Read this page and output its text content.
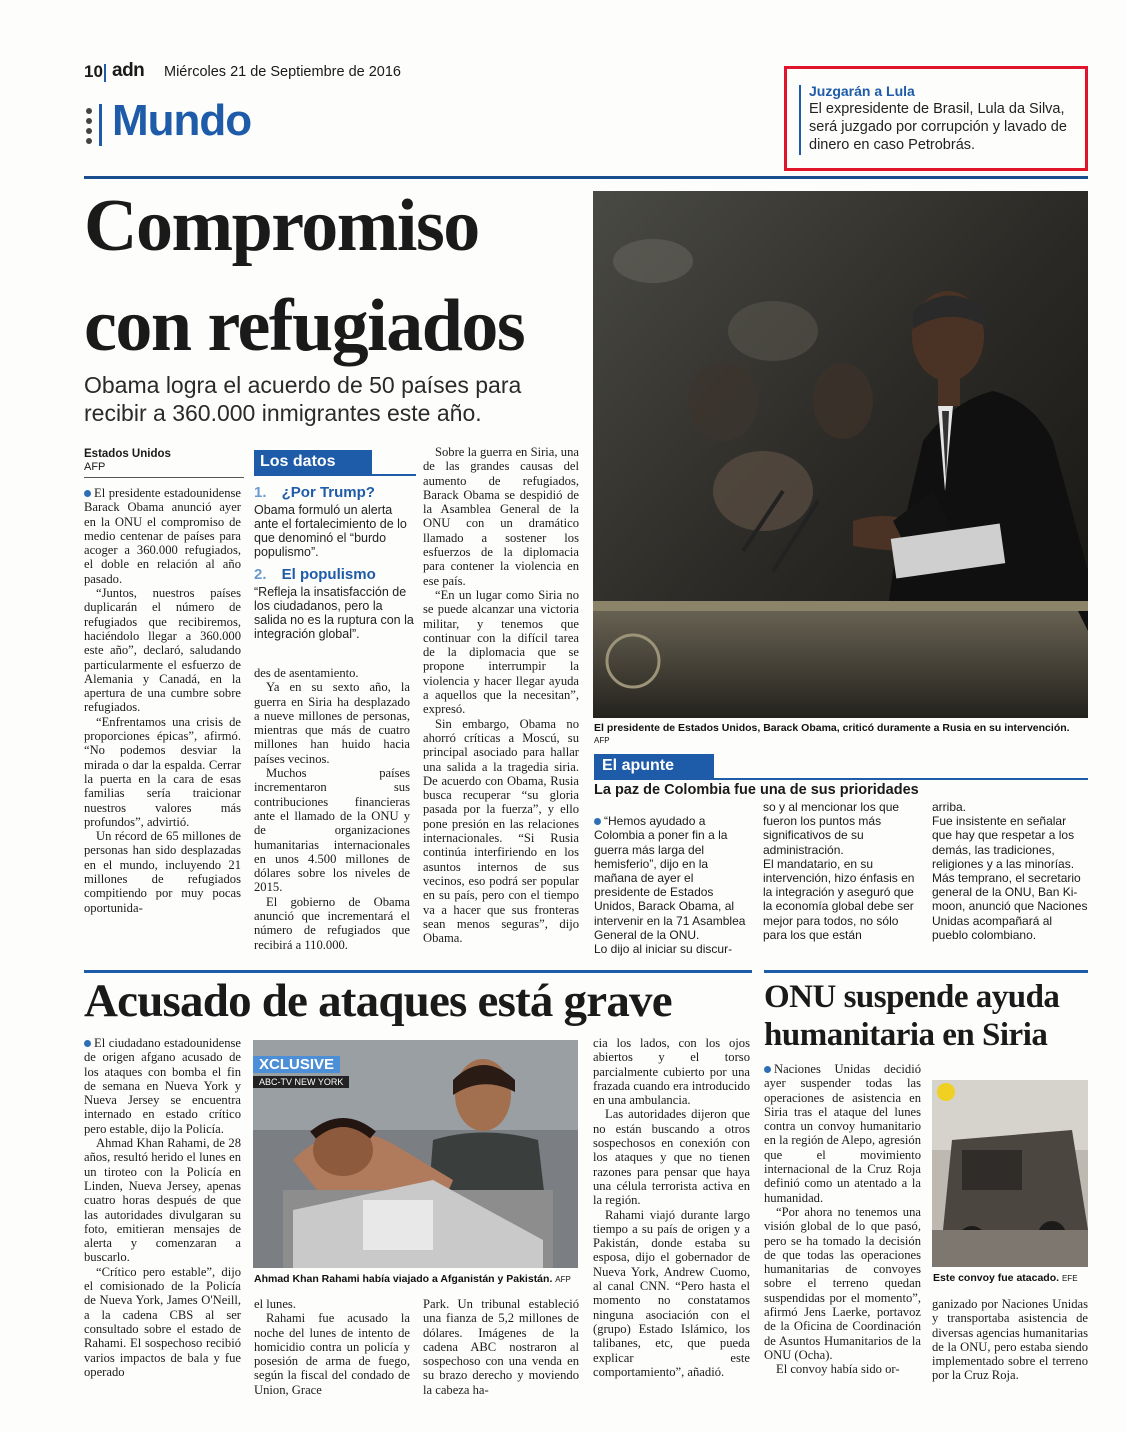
10 adn Miércoles 21 de Septiembre de 2016
Mundo
Juzgarán a Lula
El expresidente de Brasil, Lula da Silva, será juzgado por corrupción y lavado de dinero en caso Petrobrás.
Compromiso
con refugiados
Obama logra el acuerdo de 50 países para recibir a 360.000 inmigrantes este año.
Estados Unidos
AFP

El presidente estadounidense Barack Obama anunció ayer en la ONU el compromiso de medio centenar de países para acoger a 360.000 refugiados, el doble en relación al año pasado.

“Juntos, nuestros países duplicarán el número de refugiados que recibiremos, haciéndolo llegar a 360.000 este año”, declaró, saludando particularmente el esfuerzo de Alemania y Canadá, en la apertura de una cumbre sobre refugiados.

“Enfrentamos una crisis de proporciones épicas”, afirmó. “No podemos desviar la mirada o dar la espalda. Cerrar la puerta en la cara de esas familias sería traicionar nuestros valores más profundos”, advirtió.

Un récord de 65 millones de personas han sido desplazadas en el mundo, incluyendo 21 millones de refugiados compitiendo por muy pocas oportunida-

Los datos
1. ¿Por Trump?
Obama formuló un alerta ante el fortalecimiento de lo que denominó el “burdo populismo”.
2. El populismo
“Refleja la insatisfacción de los ciudadanos, pero la salida no es la ruptura con la integración global”.

des de asentamiento.

Ya en su sexto año, la guerra en Siria ha desplazado a nueve millones de personas, mientras que más de cuatro millones han huido hacia países vecinos.

Muchos países incrementaron sus contribuciones financieras ante el llamado de la ONU y de organizaciones humanitarias internacionales en unos 4.500 millones de dólares sobre los niveles de 2015.

El gobierno de Obama anunció que incrementará el número de refugiados que recibirá a 110.000.

Sobre la guerra en Siria, una de las grandes causas del aumento de refugiados, Barack Obama se despidió de la Asamblea General de la ONU con un dramático llamado a sostener los esfuerzos de la diplomacia para contener la violencia en ese país.

“En un lugar como Siria no se puede alcanzar una victoria militar, y tenemos que continuar con la difícil tarea de la diplomacia que se propone interrumpir la violencia y hacer llegar ayuda a aquellos que la necesitan”, expresó.

Sin embargo, Obama no ahorró críticas a Moscú, su principal asociado para hallar una salida a la tragedia siria. De acuerdo con Obama, Rusia busca recuperar “su gloria pasada por la fuerza”, y ello pone presión en las relaciones internacionales. “Si Rusia continúa interfiriendo en los asuntos internos de sus vecinos, eso podrá ser popular en su país, pero con el tiempo va a hacer que sus fronteras sean menos seguras”, dijo Obama.

El presidente de Estados Unidos, Barack Obama, criticó duramente a Rusia en su intervención. AFP
El apunte
La paz de Colombia fue una de sus prioridades

“Hemos ayudado a Colombia a poner fin a la guerra más larga del hemisferio”, dijo en la mañana de ayer el presidente de Estados Unidos, Barack Obama, al intervenir en la 71 Asamblea General de la ONU.
Lo dijo al iniciar su discur-

so y al mencionar los que fueron los puntos más significativos de su administración.
El mandatario, en su intervención, hizo énfasis en la integración y aseguró que la economía global debe ser mejor para todos, no sólo para los que están
arriba.
Fue insistente en señalar que hay que respetar a los demás, las tradiciones, religiones y a las minorías.
Más temprano, el secretario general de la ONU, Ban Ki-moon, anunció que Naciones Unidas acompañará al pueblo colombiano.
Acusado de ataques está grave

El ciudadano estadounidense de origen afgano acusado de los ataques con bomba el fin de semana en Nueva York y Nueva Jersey se encuentra internado en estado crítico pero estable, dijo la Policía.

Ahmad Khan Rahami, de 28 años, resultó herido el lunes en un tiroteo con la Policía en Linden, Nueva Jersey, apenas cuatro horas después de que las autoridades divulgaran su foto, emitieran mensajes de alerta y comenzaran a buscarlo.

“Crítico pero estable”, dijo el comisionado de la Policía de Nueva York, James O'Neill, a la cadena CBS al ser consultado sobre el estado de Rahami. El sospechoso recibió varios impactos de bala y fue operado

XCLUSIVE
ABC-TV NEW YORK
Ahmad Khan Rahami había viajado a Afganistán y Pakistán. AFP

el lunes.

Rahami fue acusado la noche del lunes de intento de homicidio contra un policía y posesión de arma de fuego, según la fiscal del condado de Union, Grace

Park. Un tribunal estableció una fianza de 5,2 millones de dólares. Imágenes de la cadena ABC nostraron al sospechoso con una venda en su brazo derecho y moviendo la cabeza ha-

cia los lados, con los ojos abiertos y el torso parcialmente cubierto por una frazada cuando era introducido en una ambulancia.

Las autoridades dijeron que no están buscando a otros sospechosos en conexión con los ataques y que no tienen razones para pensar que haya una célula terrorista activa en la región.

Rahami viajó durante largo tiempo a su país de origen y a Pakistán, donde estaba su esposa, dijo el gobernador de Nueva York, Andrew Cuomo, al canal CNN. “Pero hasta el momento no constatamos ninguna asociación con el (grupo) Estado Islámico, los talibanes, etc, que pueda explicar este comportamiento”, añadió.

ONU suspende ayuda
humanitaria en Siria

Naciones Unidas decidió ayer suspender todas las operaciones de asistencia en Siria tras el ataque del lunes contra un convoy humanitario en la región de Alepo, agresión que el movimiento internacional de la Cruz Roja definió como un atentado a la humanidad.

“Por ahora no tenemos una visión global de lo que pasó, pero se ha tomado la decisión de que todas las operaciones humanitarias de convoyes sobre el terreno quedan suspendidas por el momento”, afirmó Jens Laerke, portavoz de la Oficina de Coordinación de Asuntos Humanitarios de la ONU (Ocha).

El convoy había sido or-

Este convoy fue atacado. EFE

ganizado por Naciones Unidas y transportaba asistencia de diversas agencias humanitarias de la ONU, pero estaba siendo implementado sobre el terreno por la Cruz Roja.
